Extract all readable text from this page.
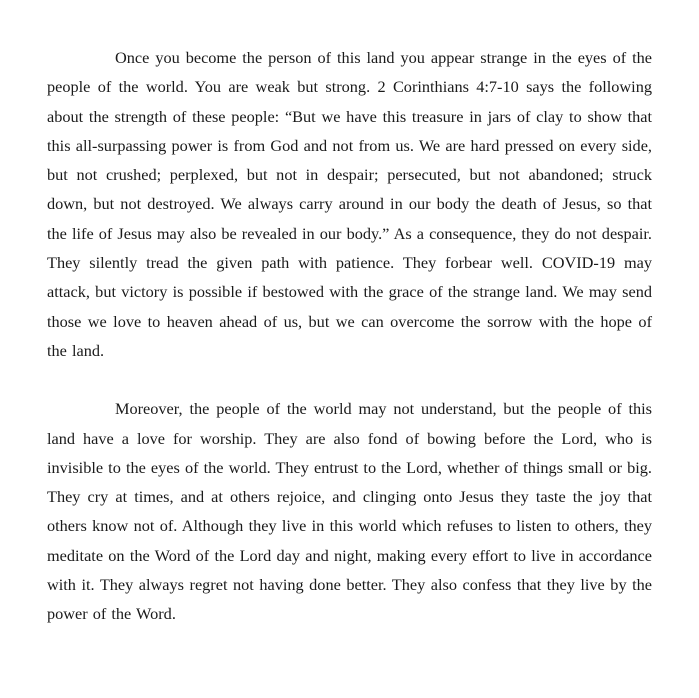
Once you become the person of this land you appear strange in the eyes of the people of the world. You are weak but strong. 2 Corinthians 4:7-10 says the following about the strength of these people: “But we have this treasure in jars of clay to show that this all-surpassing power is from God and not from us. We are hard pressed on every side, but not crushed; perplexed, but not in despair; persecuted, but not abandoned; struck down, but not destroyed. We always carry around in our body the death of Jesus, so that the life of Jesus may also be revealed in our body.” As a consequence, they do not despair. They silently tread the given path with patience. They forbear well. COVID-19 may attack, but victory is possible if bestowed with the grace of the strange land. We may send those we love to heaven ahead of us, but we can overcome the sorrow with the hope of the land.

Moreover, the people of the world may not understand, but the people of this land have a love for worship. They are also fond of bowing before the Lord, who is invisible to the eyes of the world. They entrust to the Lord, whether of things small or big. They cry at times, and at others rejoice, and clinging onto Jesus they taste the joy that others know not of. Although they live in this world which refuses to listen to others, they meditate on the Word of the Lord day and night, making every effort to live in accordance with it. They always regret not having done better. They also confess that they live by the power of the Word.
